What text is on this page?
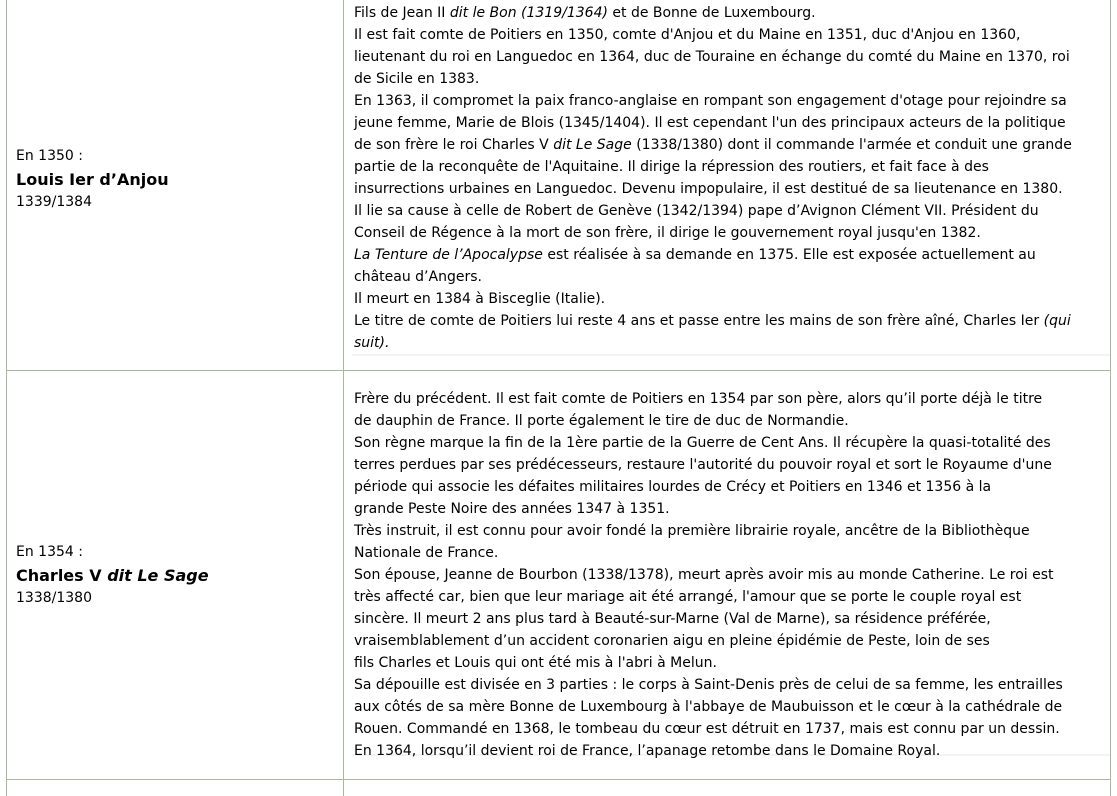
En 1350 :
Louis Ier d’Anjou
1339/1384

Fils de Jean II dit le Bon (1319/1364) et de Bonne de Luxembourg.

Il est fait comte de Poitiers en 1350, comte d'Anjou et du Maine en 1351, duc d'Anjou en 1360,

lieutenant du roi en Languedoc en 1364, duc de Touraine en échange du comté du Maine en 1370, roi

de Sicile en 1383.

En 1363, il compromet la paix franco-anglaise en rompant son engagement d'otage pour rejoindre sa

jeune femme, Marie de Blois (1345/1404). Il est cependant l'un des principaux acteurs de la politique

de son frère le roi Charles V dit Le Sage (1338/1380) dont il commande l'armée et conduit une grande

partie de la reconquête de l'Aquitaine. Il dirige la répression des routiers, et fait face à des

insurrections urbaines en Languedoc. Devenu impopulaire, il est destitué de sa lieutenance en 1380.

Il lie sa cause à celle de Robert de Genève (1342/1394) pape d’Avignon Clément VII. Président du

Conseil de Régence à la mort de son frère, il dirige le gouvernement royal jusqu'en 1382.

La Tenture de l’Apocalypse est réalisée à sa demande en 1375. Elle est exposée actuellement au

château d’Angers.

Il meurt en 1384 à Bisceglie (Italie).

Le titre de comte de Poitiers lui reste 4 ans et passe entre les mains de son frère aîné, Charles Ier (qui

suit).

En 1354 :
Charles V dit Le Sage
1338/1380

Frère du précédent. Il est fait comte de Poitiers en 1354 par son père, alors qu’il porte déjà le titre

de dauphin de France. Il porte également le tire de duc de Normandie.

Son règne marque la fin de la 1ère partie de la Guerre de Cent Ans. Il récupère la quasi-totalité des

terres perdues par ses prédécesseurs, restaure l'autorité du pouvoir royal et sort le Royaume d'une

période qui associe les défaites militaires lourdes de Crécy et Poitiers en 1346 et 1356 à la

grande Peste Noire des années 1347 à 1351.

Très instruit, il est connu pour avoir fondé la première librairie royale, ancêtre de la Bibliothèque

Nationale de France.

Son épouse, Jeanne de Bourbon (1338/1378), meurt après avoir mis au monde Catherine. Le roi est

très affecté car, bien que leur mariage ait été arrangé, l'amour que se porte le couple royal est

sincère. Il meurt 2 ans plus tard à Beauté-sur-Marne (Val de Marne), sa résidence préférée,

vraisemblablement d’un accident coronarien aigu en pleine épidémie de Peste, loin de ses

fils Charles et Louis qui ont été mis à l'abri à Melun.

Sa dépouille est divisée en 3 parties : le corps à Saint-Denis près de celui de sa femme, les entrailles

aux côtés de sa mère Bonne de Luxembourg à l'abbaye de Maubuisson et le cœur à la cathédrale de

Rouen. Commandé en 1368, le tombeau du cœur est détruit en 1737, mais est connu par un dessin.

En 1364, lorsqu’il devient roi de France, l’apanage retombe dans le Domaine Royal.
